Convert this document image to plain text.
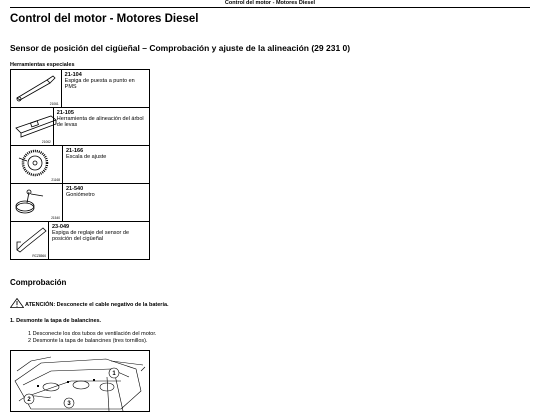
Control del motor - Motores Diesel
Control del motor - Motores Diesel
Sensor de posición del cigüeñal – Comprobación y ajuste de la alineación (29 231 0)
Herramientas especiales
21061
21-104
Espiga de puesta a punto en PMS
21062
21-105
Herramienta de alineación del árbol de levas
21168
21-166
Escala de ajuste
21540
21-540
Goniómetro
RCZ8566
23-049
Espiga de reglaje del sensor de posición del cigüeñal
Comprobación
ATENCIÓN: Desconecte el cable negativo de la batería.
1. Desmonte la tapa de balancines.
1 Desconecte los dos tubos de ventilación del motor.
2 Desmonte la tapa de balancines (tres tornillos).
1
2
3
